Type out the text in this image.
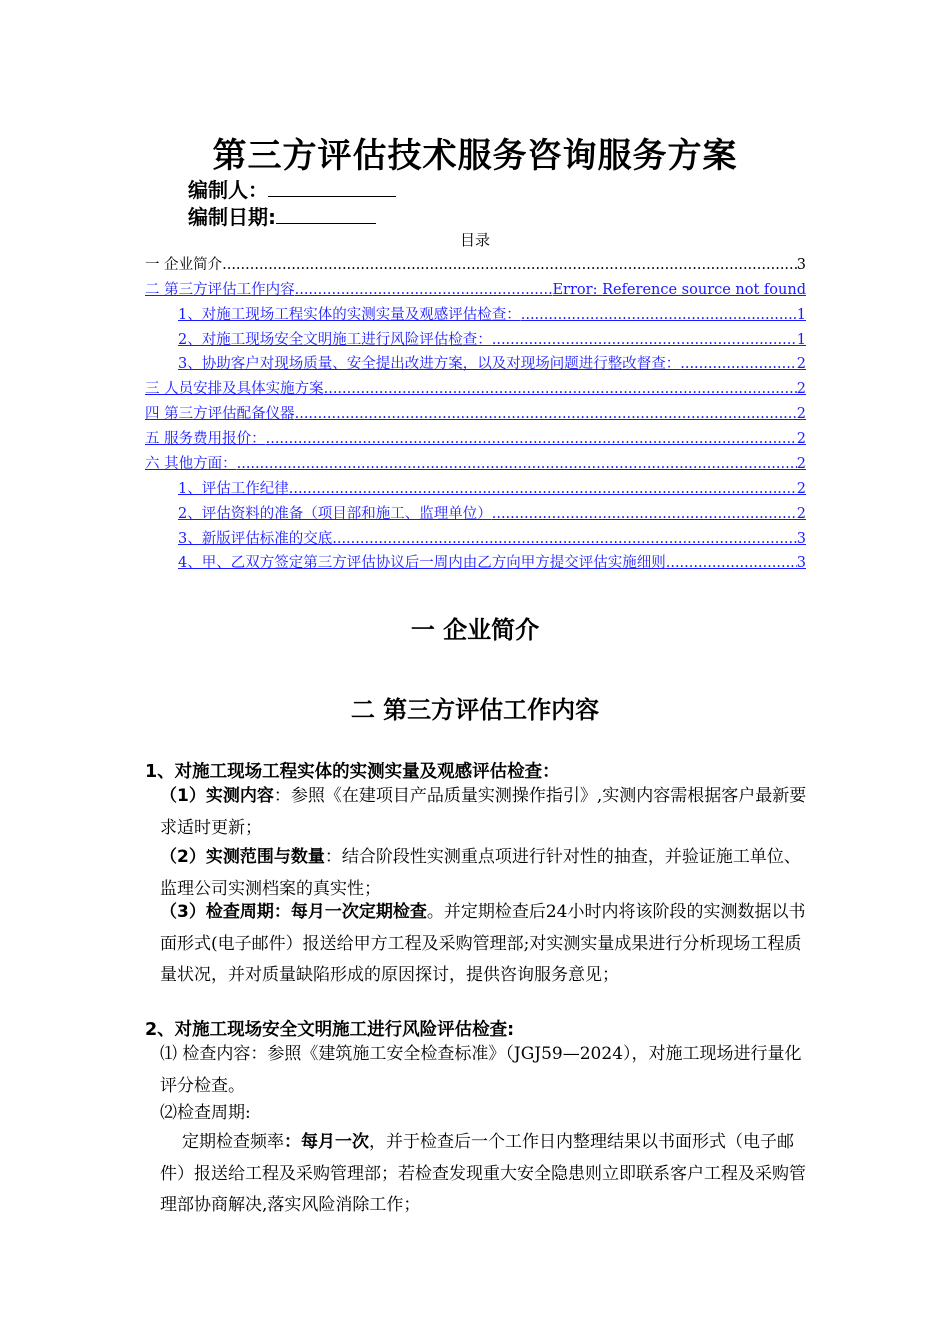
第三方评估技术服务咨询服务方案
编制人：
编制日期:
目录
一 企业简介 .....	3
二 第三方评估工作内容 .....	Error: Reference source not found
1、对施工现场工程实体的实测实量及观感评估检查： .....	1
2、对施工现场安全文明施工进行风险评估检查： .....	1
3、协助客户对现场质量、安全提出改进方案，以及对现场问题进行整改督查： .....	2
三 人员安排及具体实施方案 .....	2
四 第三方评估配备仪器 .....	2
五 服务费用报价： .....	2
六 其他方面： .....	2
1、评估工作纪律 .....	2
2、评估资料的准备（项目部和施工、监理单位） .....	2
3、新版评估标准的交底 .....	3
4、甲、乙双方签定第三方评估协议后一周内由乙方向甲方提交评估实施细则 .....	3
一 企业简介
二 第三方评估工作内容
1、对施工现场工程实体的实测实量及观感评估检查：
（1）实测内容：参照《在建项目产品质量实测操作指引》,实测内容需根据客户最新要求适时更新；
（2）实测范围与数量：结合阶段性实测重点项进行针对性的抽查，并验证施工单位、监理公司实测档案的真实性；
（3）检查周期：每月一次定期检查。并定期检查后24小时内将该阶段的实测数据以书面形式(电子邮件）报送给甲方工程及采购管理部;对实测实量成果进行分析现场工程质量状况，并对质量缺陷形成的原因探讨，提供咨询服务意见；
2、对施工现场安全文明施工进行风险评估检查:
⑴ 检查内容：参照《建筑施工安全检查标准》（JGJ59—2024），对施工现场进行量化评分检查。
⑵检查周期:
定期检查频率：每月一次，并于检查后一个工作日内整理结果以书面形式（电子邮件）报送给工程及采购管理部；若检查发现重大安全隐患则立即联系客户工程及采购管理部协商解决,落实风险消除工作；
